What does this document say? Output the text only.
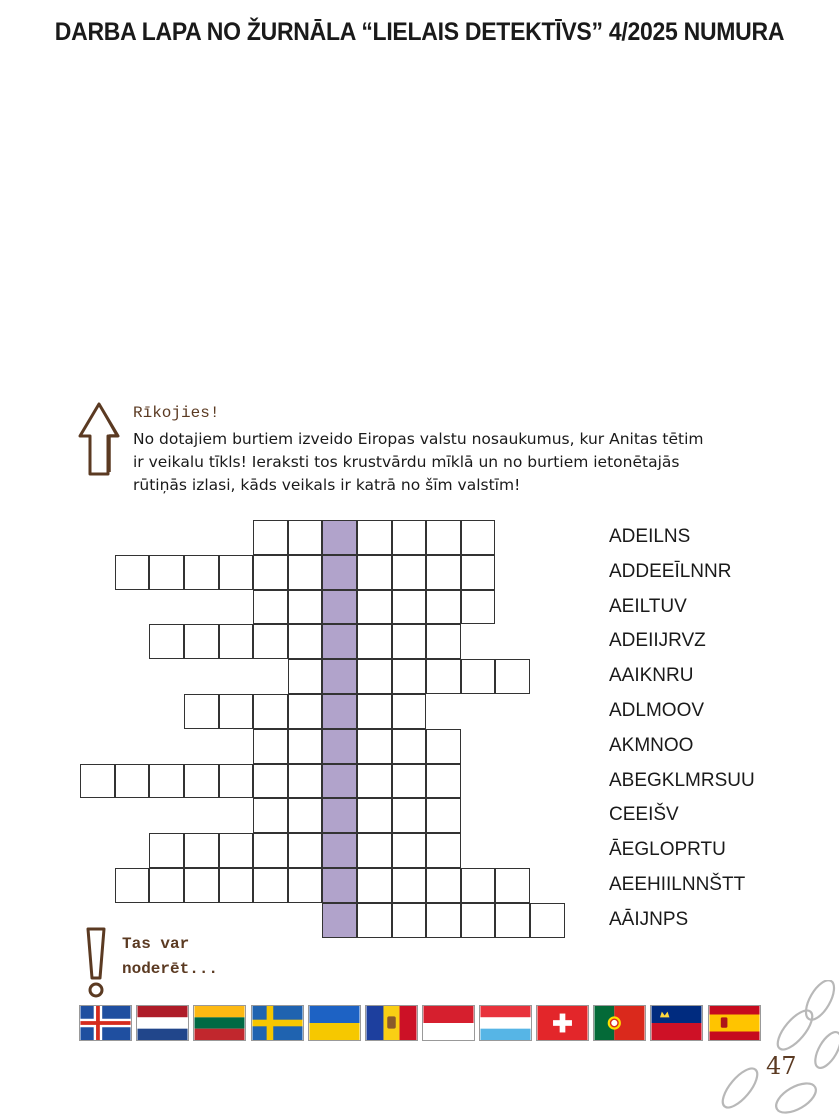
DARBA LAPA NO ŽURNĀLA “LIELAIS DETEKTĪVS” 4/2025 NUMURA
Rīkojies!
No dotajiem burtiem izveido Eiropas valstu nosaukumus, kur Anitas tētim
ir veikalu tīkls! Ieraksti tos krustvārdu mīklā un no burtiem ietonētajās
rūtiņās izlasi, kāds veikals ir katrā no šīm valstīm!
ADEILNS
ADDEEĪLNNR
AEILTUV
ADEIIJRVZ
AAIKNRU
ADLMOOV
AKMNOO
ABEGKLMRSUU
CEEIŠV
ĀEGLOPRTU
AEEHIILNNŠTT
AĀIJNPS
Tas var
noderēt...
47
